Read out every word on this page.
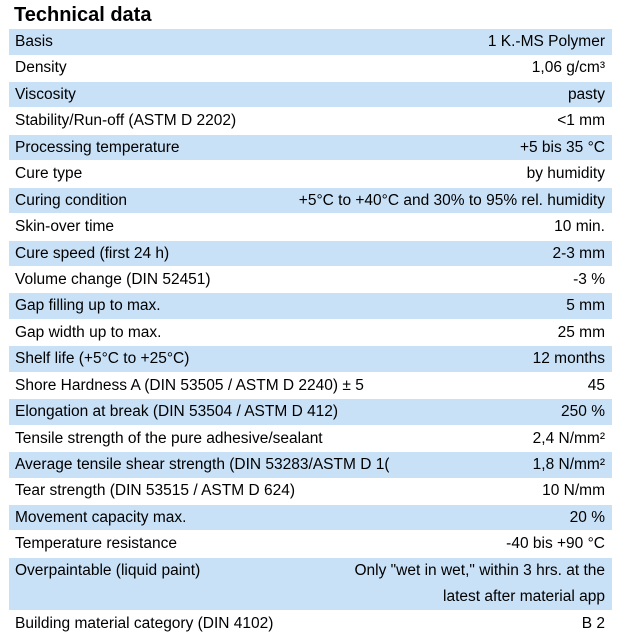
Technical data
Basis	1 K.-MS Polymer
Density	1,06 g/cm³
Viscosity	pasty
Stability/Run-off (ASTM D 2202)	<1 mm
Processing temperature	+5 bis 35 °C
Cure type	by humidity
Curing condition	+5°C to +40°C and 30% to 95% rel. humidity
Skin-over time	10 min.
Cure speed (first 24 h)	2-3 mm
Volume change (DIN 52451)	-3 %
Gap filling up to max.	5 mm
Gap width up to max.	25 mm
Shelf life (+5°C to +25°C)	12 months
Shore Hardness A (DIN 53505 / ASTM D 2240) ± 5	45
Elongation at break (DIN 53504 / ASTM D 412)	250 %
Tensile strength of the pure adhesive/sealant	2,4 N/mm²
Average tensile shear strength (DIN 53283/ASTM D 1(	1,8 N/mm²
Tear strength (DIN 53515 / ASTM D 624)	10 N/mm
Movement capacity max.	20 %
Temperature resistance	-40 bis +90 °C
Overpaintable (liquid paint)	Only "wet in wet," within 3 hrs. at the latest after material app
Building material category (DIN 4102)	B 2
